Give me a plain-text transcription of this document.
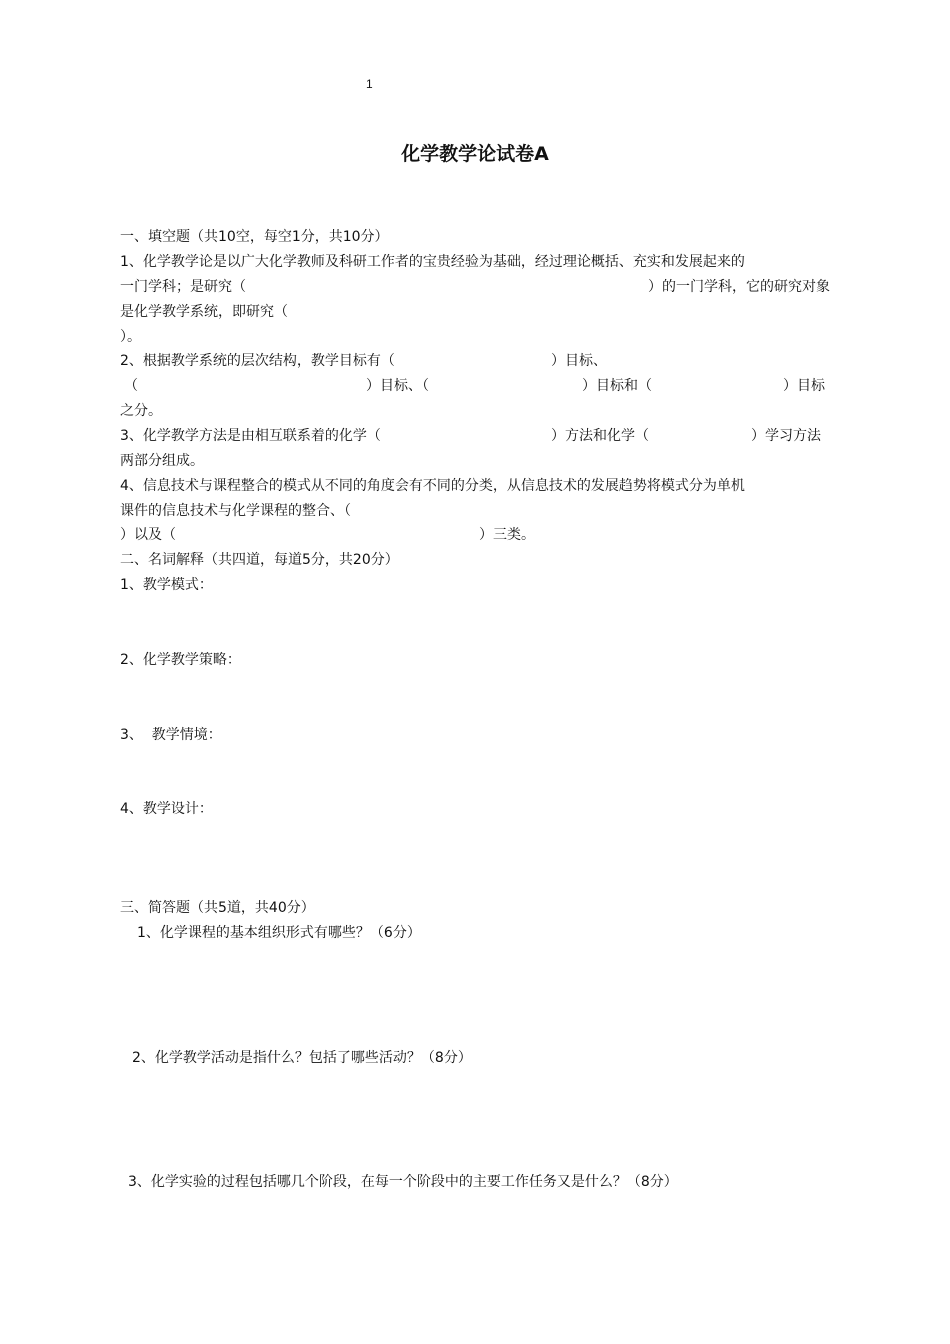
1
化学教学论试卷A
一、填空题（共10空，每空1分，共10分）
1、化学教学论是以广大化学教师及科研工作者的宝贵经验为基础，经过理论概括、充实和发展起来的
一门学科；是研究（	）的一门学科，它的研究对象
是化学教学系统，即研究（
）。
2、根据教学系统的层次结构，教学目标有（	）目标、
（	）目标、（	）目标和（	）目标
之分。
3、化学教学方法是由相互联系着的化学（	）方法和化学（	）学习方法
两部分组成。
4、信息技术与课程整合的模式从不同的角度会有不同的分类，从信息技术的发展趋势将模式分为单机
课件的信息技术与化学课程的整合、（
）以及（	）三类。
二、名词解释（共四道，每道5分，共20分）
1、教学模式：
2、化学教学策略：
3、  教学情境：
4、教学设计：
三、简答题（共5道，共40分）
1、化学课程的基本组织形式有哪些？（6分）
2、化学教学活动是指什么？包括了哪些活动？（8分）
3、化学实验的过程包括哪几个阶段，在每一个阶段中的主要工作任务又是什么？（8分）
